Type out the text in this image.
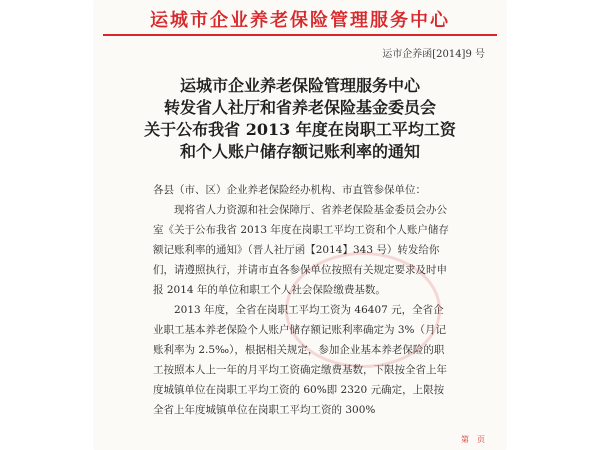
运城市企业养老保险管理服务中心
运市企养函[2014]9 号
运城市企业养老保险管理服务中心
转发省人社厅和省养老保险基金委员会
关于公布我省 2013 年度在岗职工平均工资
和个人账户储存额记账利率的通知

各县（市、区）企业养老保险经办机构、市直管参保单位：

现将省人力资源和社会保障厅、省养老保险基金委员会办公室《关于公布我省 2013 年度在岗职工平均工资和个人账户储存额记账利率的通知》（晋人社厅函【2014】343 号）转发给你们，请遵照执行，并请市直各参保单位按照有关规定要求及时申报 2014 年的单位和职工个人社会保险缴费基数。

2013 年度，全省在岗职工平均工资为 46407 元，全省企业职工基本养老保险个人账户储存额记账利率确定为 3%（月记账利率为 2.5‰），根据相关规定，参加企业基本养老保险的职工按照本人上一年的月平均工资确定缴费基数，下限按全省上年度城镇单位在岗职工平均工资的 60%即 2320 元确定，上限按全省上年度城镇单位在岗职工平均工资的 300%

第　页
